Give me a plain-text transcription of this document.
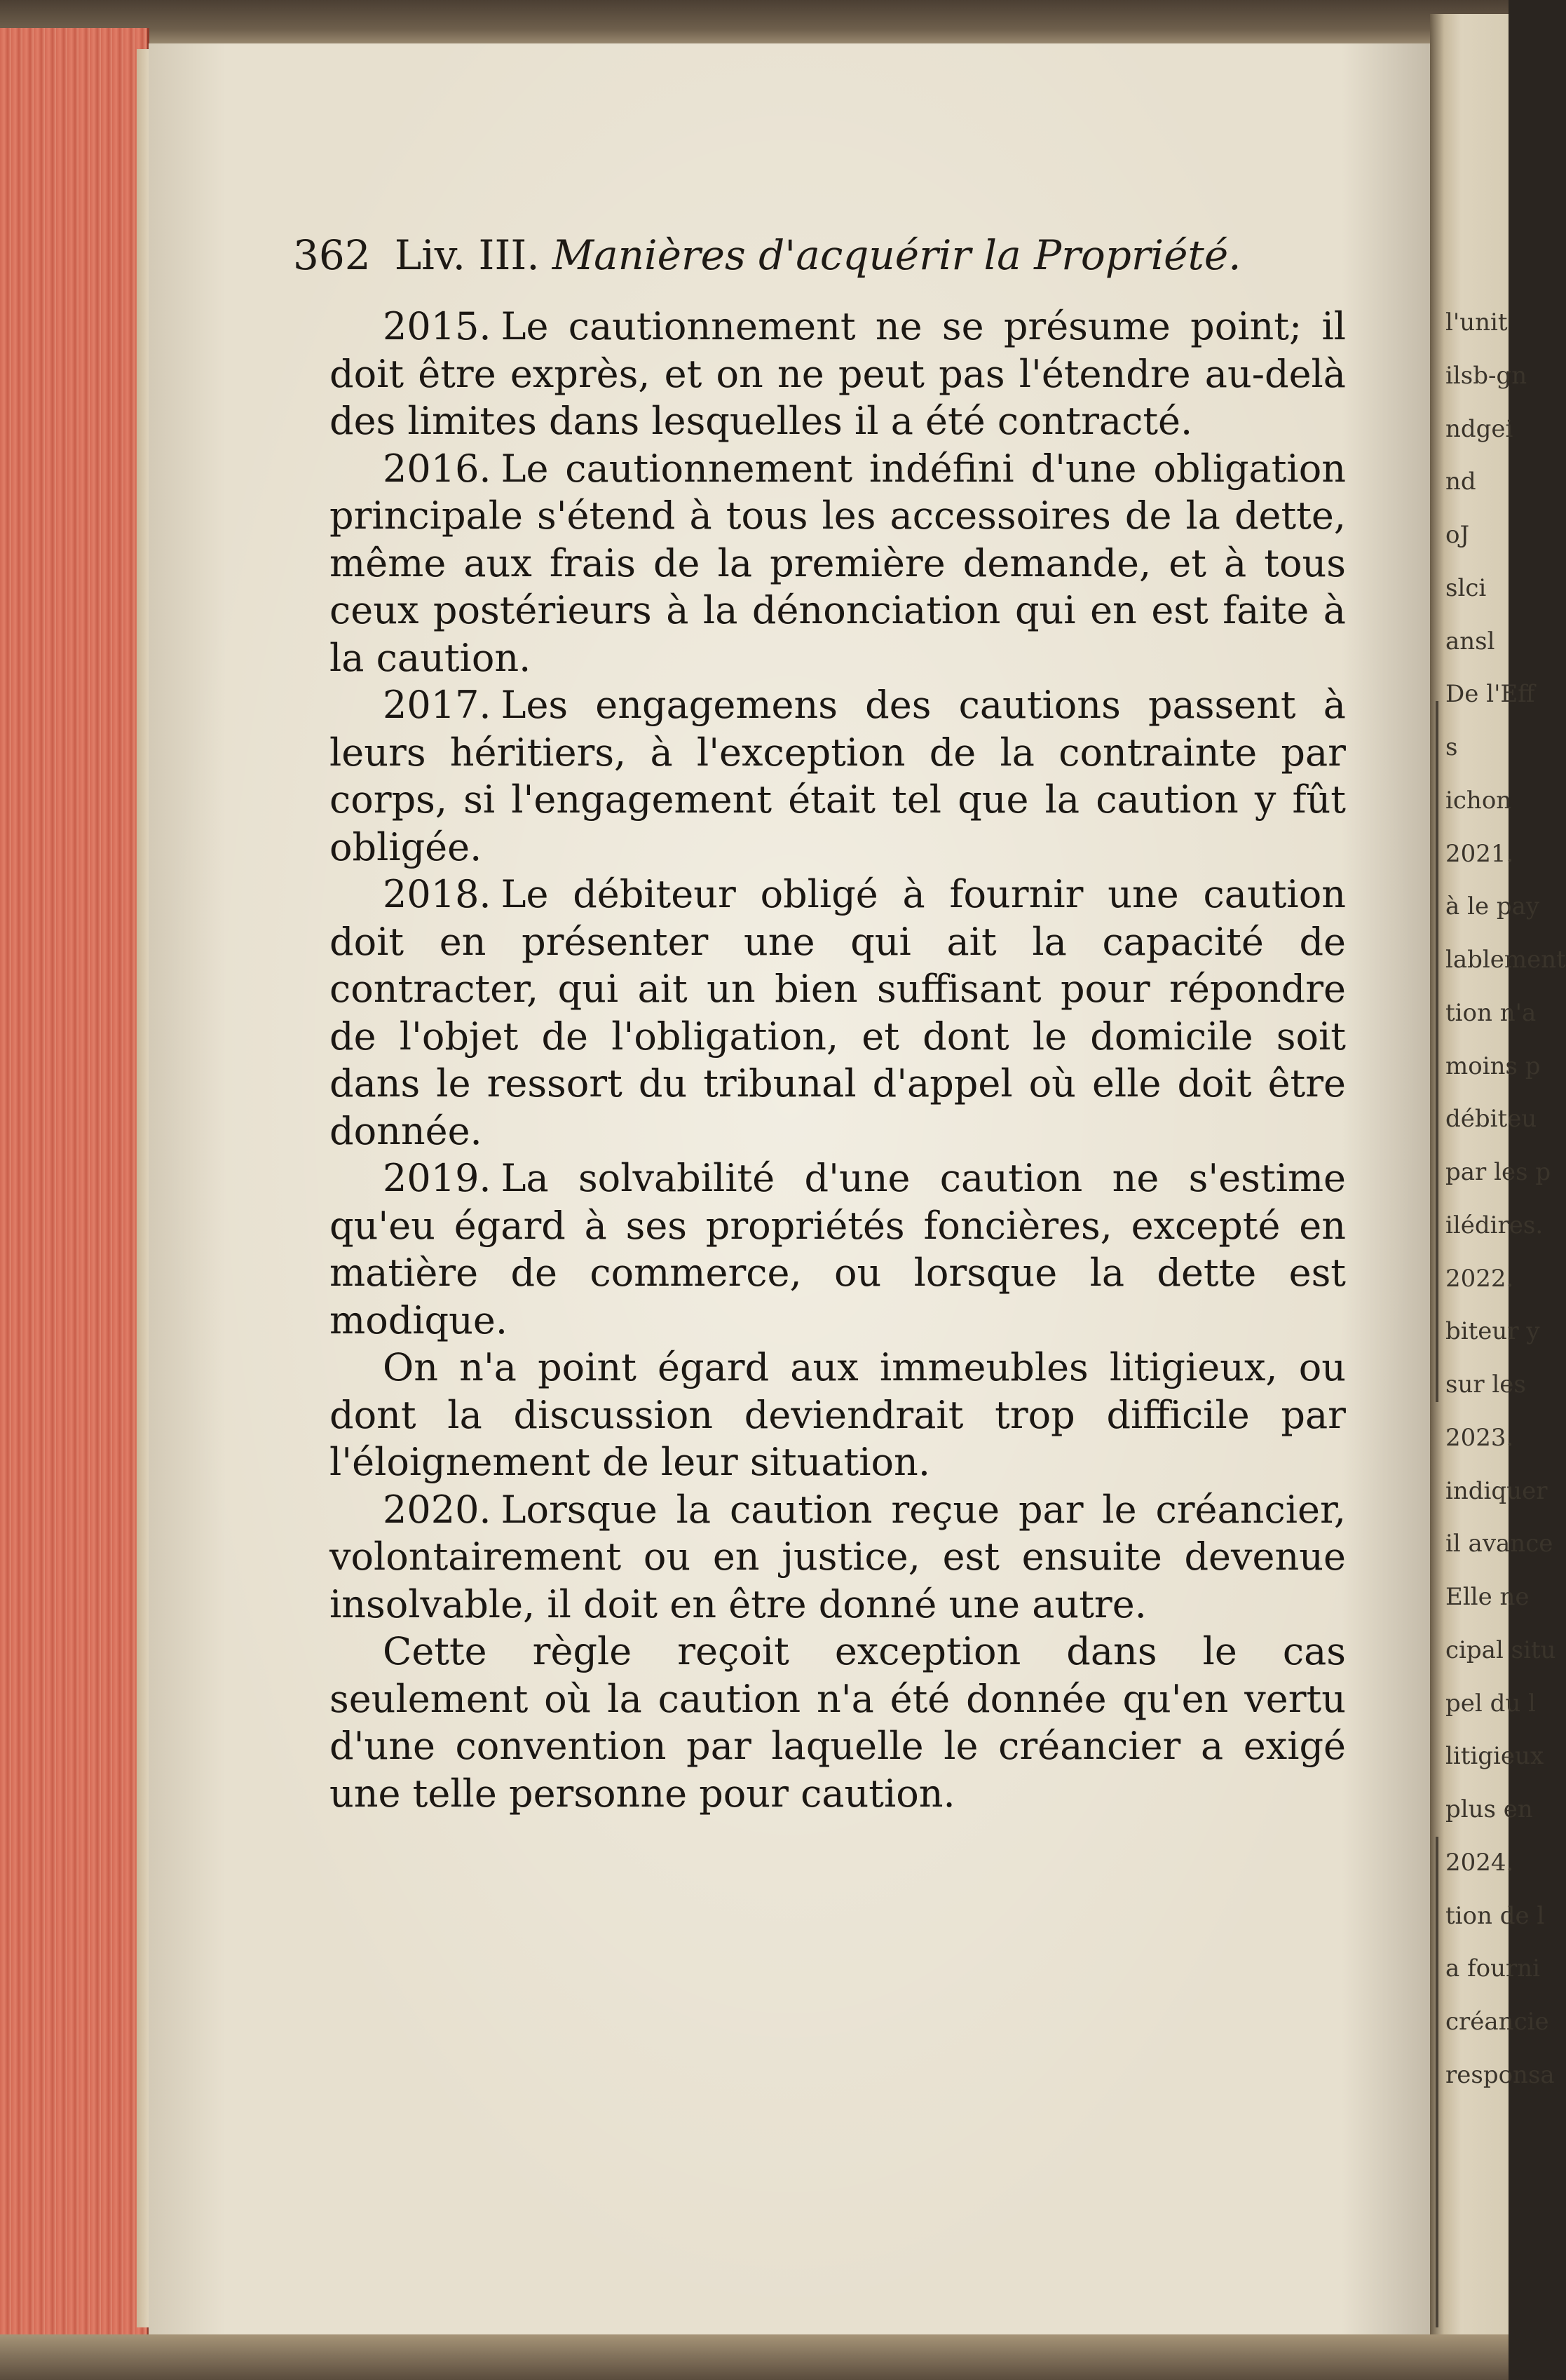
362 Liv. III. Manières d'acquérir la Propriété.

2015. Le cautionnement ne se présume point; il doit être exprès, et on ne peut pas l'étendre au-delà des limites dans lesquelles il a été contracté.

2016. Le cautionnement indéfini d'une obligation principale s'étend à tous les accessoires de la dette, même aux frais de la première demande, et à tous ceux postérieurs à la dénonciation qui en est faite à la caution.

2017. Les engagemens des cautions passent à leurs héritiers, à l'exception de la contrainte par corps, si l'engagement était tel que la caution y fût obligée.

2018. Le débiteur obligé à fournir une caution doit en présenter une qui ait la capacité de contracter, qui ait un bien suffisant pour répondre de l'objet de l'obligation, et dont le domicile soit dans le ressort du tribunal d'appel où elle doit être donnée.

2019. La solvabilité d'une caution ne s'estime qu'eu égard à ses propriétés foncières, excepté en matière de commerce, ou lorsque la dette est modique.

On n'a point égard aux immeubles litigieux, ou dont la discussion deviendrait trop difficile par l'éloignement de leur situation.

2020. Lorsque la caution reçue par le créancier, volontairement ou en justice, est ensuite devenue insolvable, il doit en être donné une autre.

Cette règle reçoit exception dans le cas seulement où la caution n'a été donnée qu'en vertu d'une convention par laquelle le créancier a exigé une telle personne pour caution.

l'unit
ilsb-gn
ndgei
nd
oJ
slci
ansl
De l'Eff
s
ichon
2021.
à le pay
lablement
tion n'a
moins p
débiteu
par les p
ilédires.
2022.
biteur y
sur les
2023.
indiquer
il avance
Elle ne
cipal situ
pel du l
litigieux
plus en
2024.
tion de l
a fourni
créancie
responsa
